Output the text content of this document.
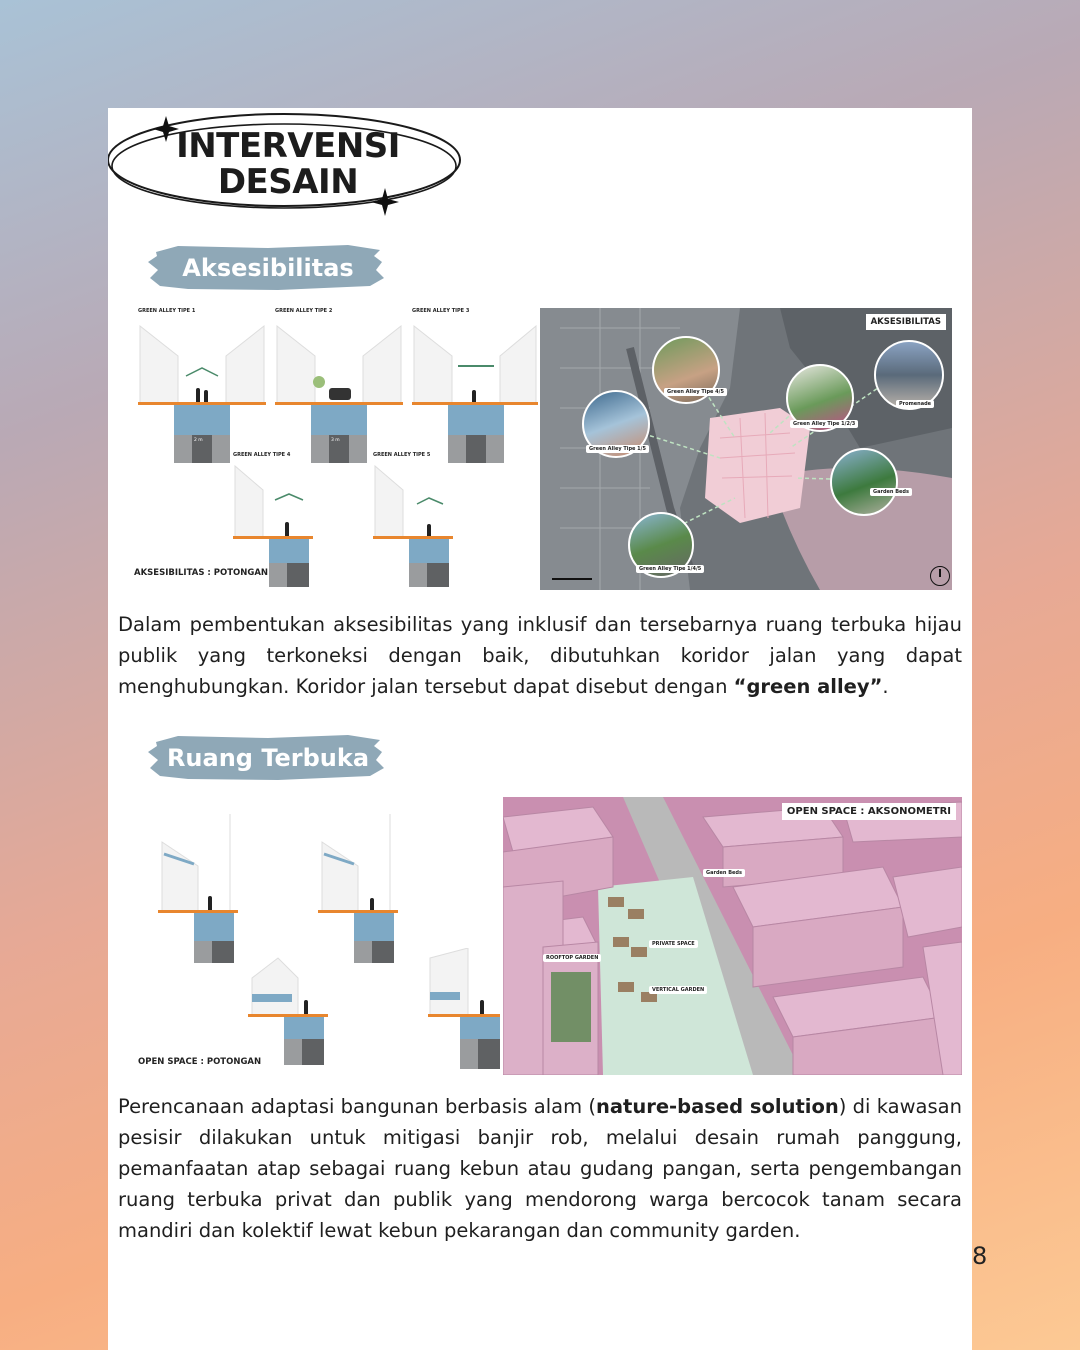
INTERVENSI
DESAIN
Aksesibilitas
GREEN ALLEY TIPE 1	GREEN ALLEY TIPE 2	GREEN ALLEY TIPE 3
GREEN ALLEY TIPE 4	GREEN ALLEY TIPE 5
2 m	3 m
AKSESIBILITAS : POTONGAN
Green Alley Tipe 4/5
Green Alley Tipe 1/2/3
Promenade
Green Alley Tipe 1/5
Garden Beds
Green Alley Tipe 1/4/5
AKSESIBILITAS

Dalam pembentukan aksesibilitas yang inklusif dan tersebarnya ruang terbuka hijau publik yang terkoneksi dengan baik, dibutuhkan koridor jalan yang dapat menghubungkan. Koridor jalan tersebut dapat disebut dengan “green alley”.

Ruang Terbuka
OPEN SPACE : POTONGAN
OPEN SPACE : AKSONOMETRI
Garden Beds
PRIVATE SPACE
ROOFTOP GARDEN
VERTICAL GARDEN

Perencanaan adaptasi bangunan berbasis alam (nature-based solution) di kawasan pesisir dilakukan untuk mitigasi banjir rob, melalui desain rumah panggung, pemanfaatan atap sebagai ruang kebun atau gudang pangan, serta pengembangan ruang terbuka privat dan publik yang mendorong warga bercocok tanam secara mandiri dan kolektif lewat kebun pekarangan dan community garden.

8
